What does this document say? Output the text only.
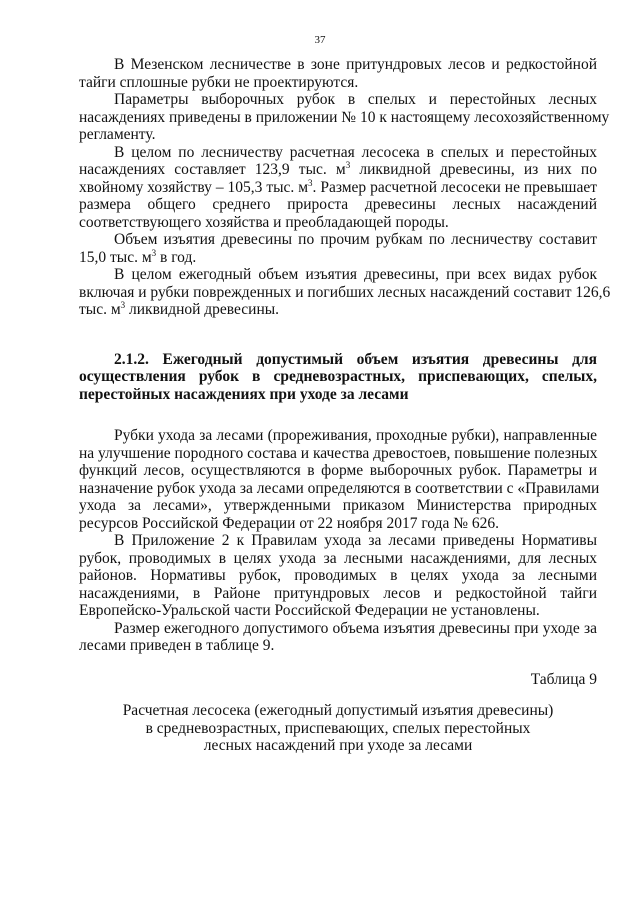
37
В Мезенском лесничестве в зоне притундровых лесов и редкостойной
тайги сплошные рубки не проектируются.
Параметры выборочных рубок в спелых и перестойных лесных
насаждениях приведены в приложении № 10 к настоящему лесохозяйственному
регламенту.
В целом по лесничеству расчетная лесосека в спелых и перестойных
насаждениях составляет 123,9 тыс. $м^3$ ликвидной древесины, из них по
хвойному хозяйству – 105,3 тыс. $м^3$. Размер расчетной лесосеки не превышает
размера общего среднего прироста древесины лесных насаждений
соответствующего хозяйства и преобладающей породы.
Объем изъятия древесины по прочим рубкам по лесничеству составит
15,0 тыс. $м^3$ в год.
В целом ежегодный объем изъятия древесины, при всех видах рубок
включая и рубки поврежденных и погибших лесных насаждений составит 126,6
тыс. $м^3$ ликвидной древесины.
2.1.2. Ежегодный допустимый объем изъятия древесины для
осуществления рубок в средневозрастных, приспевающих, спелых,
перестойных насаждениях при уходе за лесами
Рубки ухода за лесами (прореживания, проходные рубки), направленные
на улучшение породного состава и качества древостоев, повышение полезных
функций лесов, осуществляются в форме выборочных рубок. Параметры и
назначение рубок ухода за лесами определяются в соответствии с «Правилами
ухода за лесами», утвержденными приказом Министерства природных
ресурсов Российской Федерации от 22 ноября 2017 года № 626.
В Приложение 2 к Правилам ухода за лесами приведены Нормативы
рубок, проводимых в целях ухода за лесными насаждениями, для лесных
районов. Нормативы рубок, проводимых в целях ухода за лесными
насаждениями, в Районе притундровых лесов и редкостойной тайги
Европейско-Уральской части Российской Федерации не установлены.
Размер ежегодного допустимого объема изъятия древесины при уходе за
лесами приведен в таблице 9.
Таблица 9
Расчетная лесосека (ежегодный допустимый изъятия древесины)
в средневозрастных, приспевающих, спелых перестойных
лесных насаждений при уходе за лесами
